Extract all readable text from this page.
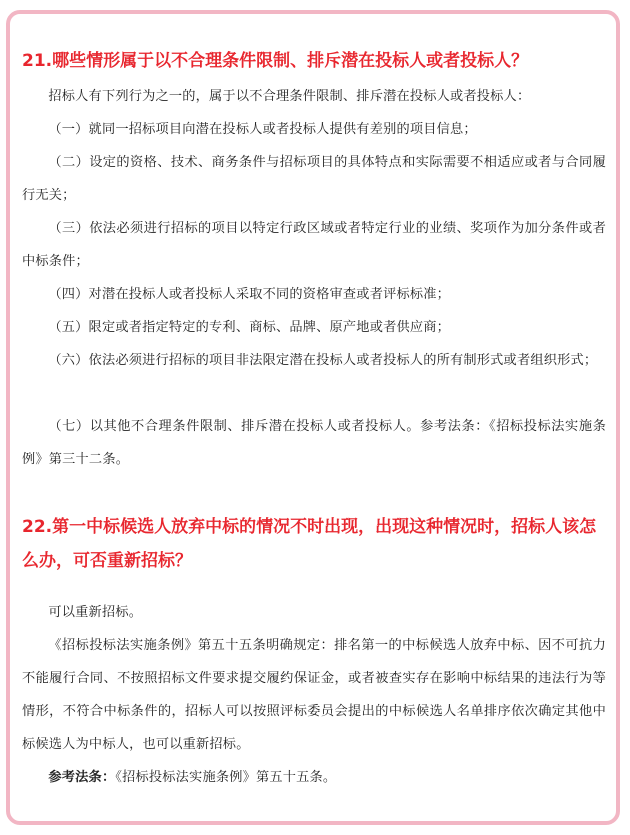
21.哪些情形属于以不合理条件限制、排斥潜在投标人或者投标人？

招标人有下列行为之一的，属于以不合理条件限制、排斥潜在投标人或者投标人：

（一）就同一招标项目向潜在投标人或者投标人提供有差别的项目信息；

（二）设定的资格、技术、商务条件与招标项目的具体特点和实际需要不相适应或者与合同履行无关；

（三）依法必须进行招标的项目以特定行政区域或者特定行业的业绩、奖项作为加分条件或者中标条件；

（四）对潜在投标人或者投标人采取不同的资格审查或者评标标准；

（五）限定或者指定特定的专利、商标、品牌、原产地或者供应商；

（六）依法必须进行招标的项目非法限定潜在投标人或者投标人的所有制形式或者组织形式；

（七）以其他不合理条件限制、排斥潜在投标人或者投标人。参考法条：《招标投标法实施条例》第三十二条。

22.第一中标候选人放弃中标的情况不时出现，出现这种情况时，招标人该怎么办，可否重新招标？

可以重新招标。

《招标投标法实施条例》第五十五条明确规定：排名第一的中标候选人放弃中标、因不可抗力不能履行合同、不按照招标文件要求提交履约保证金，或者被查实存在影响中标结果的违法行为等情形，不符合中标条件的，招标人可以按照评标委员会提出的中标候选人名单排序依次确定其他中标候选人为中标人，也可以重新招标。

参考法条：《招标投标法实施条例》第五十五条。
